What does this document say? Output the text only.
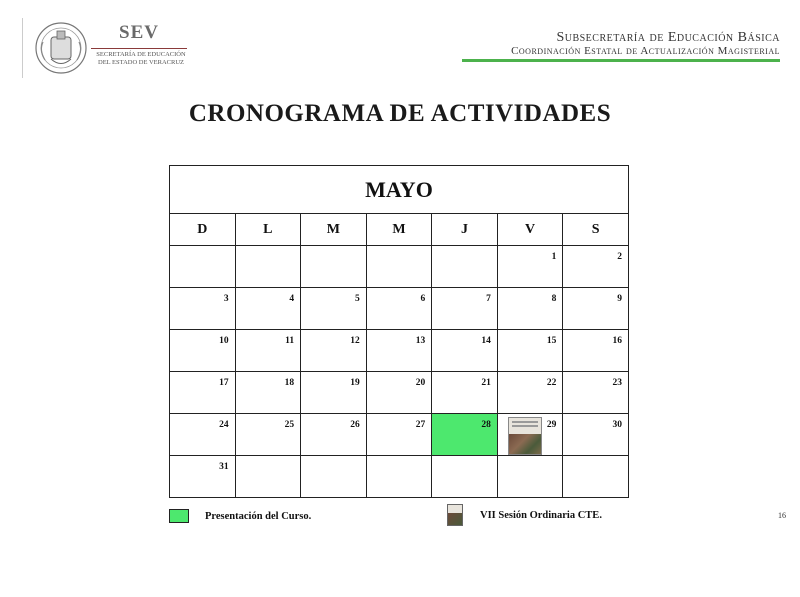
SEV
SECRETARÍA DE EDUCACIÓN
DEL ESTADO DE VERACRUZ
Subsecretaría de Educación Básica
Coordinación Estatal de Actualización Magisterial
CRONOGRAMA DE ACTIVIDADES
MAYO						
D	L	M	M	J	V	S

					1	2

3	4	5	6	7	8	9

10	11	12	13	14	15	16

17	18	19	20	21	22	23

24	25	26	27	28	29	30

31						

Presentación del Curso.	VII Sesión Ordinaria CTE.	16
